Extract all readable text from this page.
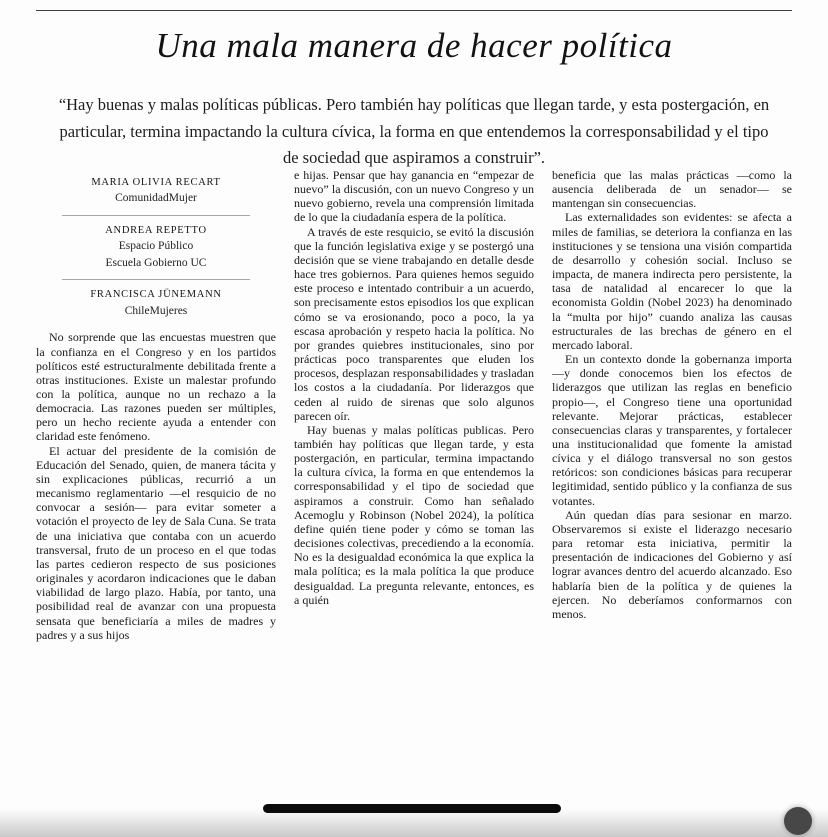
Una mala manera de hacer política
“Hay buenas y malas políticas públicas. Pero también hay políticas que llegan tarde, y esta postergación, en particular, termina impactando la cultura cívica, la forma en que entendemos la corresponsabilidad y el tipo de sociedad que aspiramos a construir”.
MARIA OLIVIA RECART
ComunidadMujer
ANDREA REPETTO
Espacio Público
Escuela Gobierno UC
FRANCISCA JÜNEMANN
ChileMujeres

No sorprende que las encuestas muestren que la confianza en el Congreso y en los partidos políticos esté estructuralmente debilitada frente a otras instituciones. Existe un malestar profundo con la política, aunque no un rechazo a la democracia. Las razones pueden ser múltiples, pero un hecho reciente ayuda a entender con claridad este fenómeno.

El actuar del presidente de la comisión de Educación del Senado, quien, de manera tácita y sin explicaciones públicas, recurrió a un mecanismo reglamentario —el resquicio de no convocar a sesión— para evitar someter a votación el proyecto de ley de Sala Cuna. Se trata de una iniciativa que contaba con un acuerdo transversal, fruto de un proceso en el que todas las partes cedieron respecto de sus posiciones originales y acordaron indicaciones que le daban viabilidad de largo plazo. Había, por tanto, una posibilidad real de avanzar con una propuesta sensata que beneficiaría a miles de madres y padres y a sus hijos

e hijas. Pensar que hay ganancia en “empezar de nuevo” la discusión, con un nuevo Congreso y un nuevo gobierno, revela una comprensión limitada de lo que la ciudadanía espera de la política.

A través de este resquicio, se evitó la discusión que la función legislativa exige y se postergó una decisión que se viene trabajando en detalle desde hace tres gobiernos. Para quienes hemos seguido este proceso e intentado contribuir a un acuerdo, son precisamente estos episodios los que explican cómo se va erosionando, poco a poco, la ya escasa aprobación y respeto hacia la política. No por grandes quiebres institucionales, sino por prácticas poco transparentes que eluden los procesos, desplazan responsabilidades y trasladan los costos a la ciudadanía. Por liderazgos que ceden al ruido de sirenas que solo algunos parecen oír.

Hay buenas y malas políticas publicas. Pero también hay políticas que llegan tarde, y esta postergación, en particular, termina impactando la cultura cívica, la forma en que entendemos la corresponsabilidad y el tipo de sociedad que aspiramos a construir. Como han señalado Acemoglu y Robinson (Nobel 2024), la política define quién tiene poder y cómo se toman las decisiones colectivas, precediendo a la economía. No es la desigualdad económica la que explica la mala política; es la mala política la que produce desigualdad. La pregunta relevante, entonces, es a quién

beneficia que las malas prácticas —como la ausencia deliberada de un senador— se mantengan sin consecuencias.

Las externalidades son evidentes: se afecta a miles de familias, se deteriora la confianza en las instituciones y se tensiona una visión compartida de desarrollo y cohesión social. Incluso se impacta, de manera indirecta pero persistente, la tasa de natalidad al encarecer lo que la economista Goldin (Nobel 2023) ha denominado la “multa por hijo” cuando analiza las causas estructurales de las brechas de género en el mercado laboral.

En un contexto donde la gobernanza importa —y donde conocemos bien los efectos de liderazgos que utilizan las reglas en beneficio propio—, el Congreso tiene una oportunidad relevante. Mejorar prácticas, establecer consecuencias claras y transparentes, y fortalecer una institucionalidad que fomente la amistad cívica y el diálogo transversal no son gestos retóricos: son condiciones básicas para recuperar legitimidad, sentido público y la confianza de sus votantes.

Aún quedan días para sesionar en marzo. Observaremos si existe el liderazgo necesario para retomar esta iniciativa, permitir la presentación de indicaciones del Gobierno y así lograr avances dentro del acuerdo alcanzado. Eso hablaría bien de la política y de quienes la ejercen. No deberíamos conformarnos con menos.
